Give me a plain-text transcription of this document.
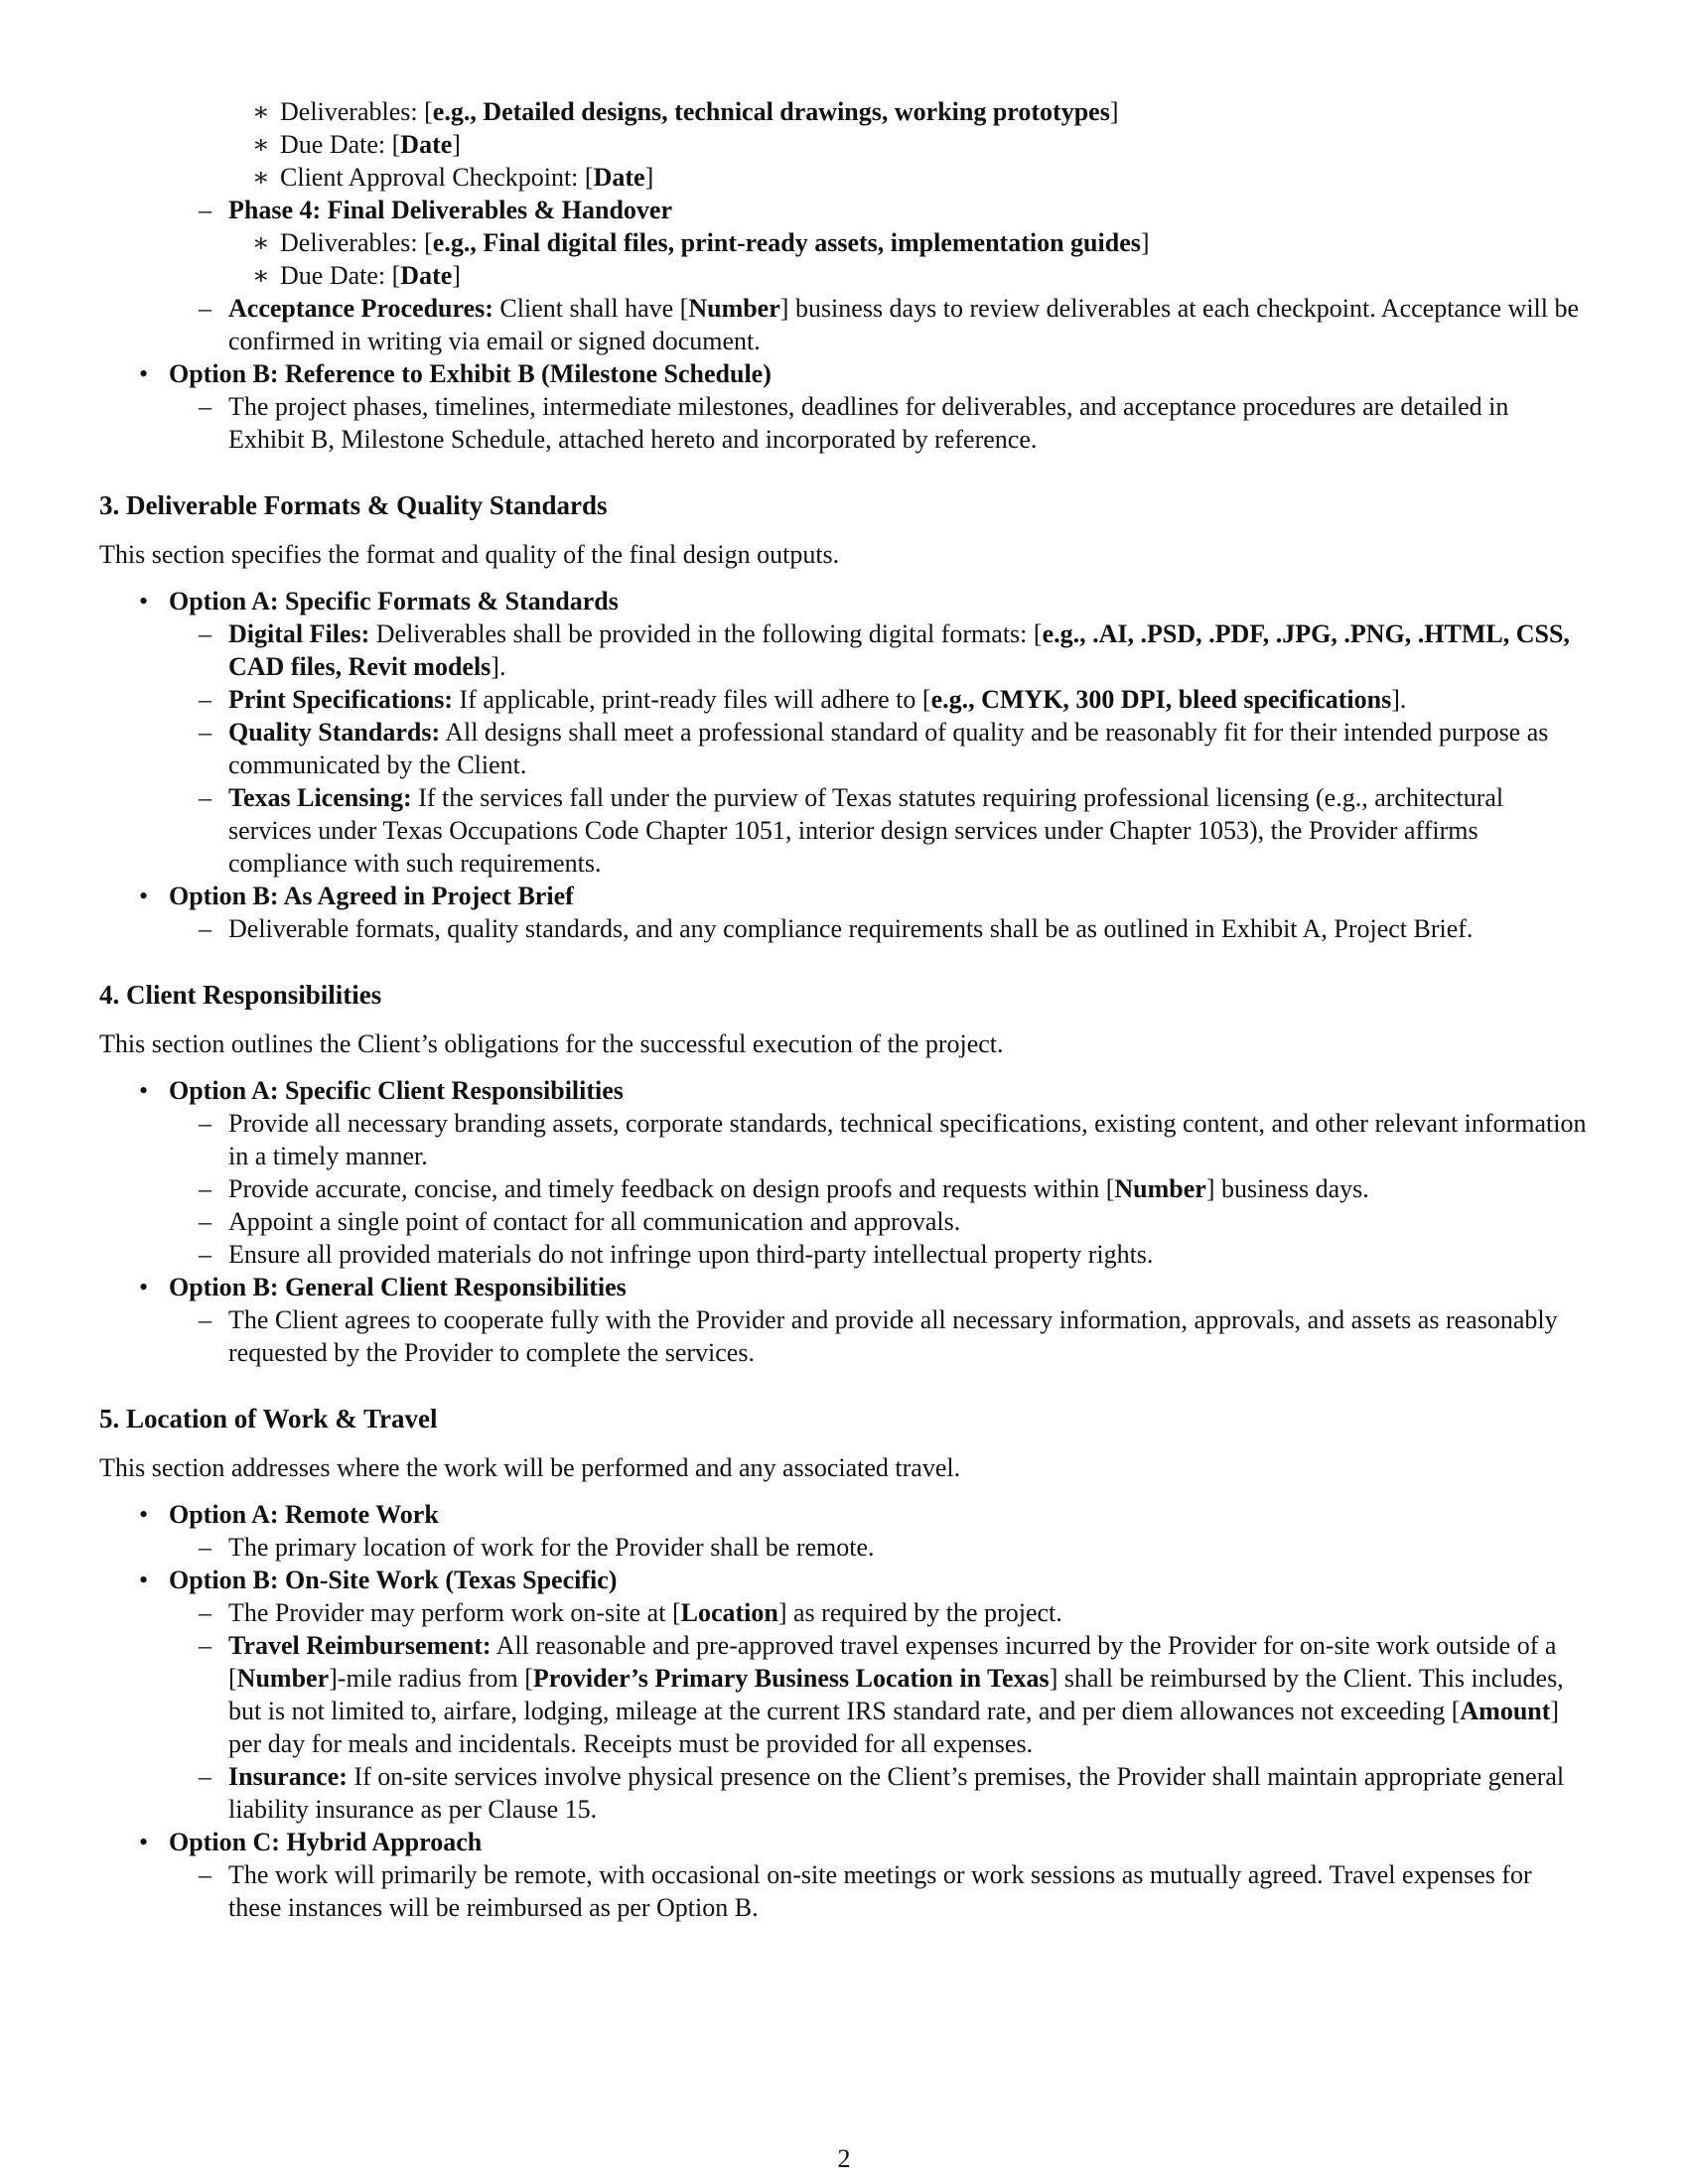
∗ Deliverables: [e.g., Detailed designs, technical drawings, working prototypes]
∗ Due Date: [Date]
∗ Client Approval Checkpoint: [Date]
– Phase 4: Final Deliverables & Handover
∗ Deliverables: [e.g., Final digital files, print-ready assets, implementation guides]
∗ Due Date: [Date]
– Acceptance Procedures: Client shall have [Number] business days to review deliverables at each checkpoint. Acceptance will be confirmed in writing via email or signed document.
• Option B: Reference to Exhibit B (Milestone Schedule)
– The project phases, timelines, intermediate milestones, deadlines for deliverables, and acceptance procedures are detailed in Exhibit B, Milestone Schedule, attached hereto and incorporated by reference.
3. Deliverable Formats & Quality Standards
This section specifies the format and quality of the final design outputs.
• Option A: Specific Formats & Standards
– Digital Files: Deliverables shall be provided in the following digital formats: [e.g., .AI, .PSD, .PDF, .JPG, .PNG, .HTML, CSS, CAD files, Revit models].
– Print Specifications: If applicable, print-ready files will adhere to [e.g., CMYK, 300 DPI, bleed specifications].
– Quality Standards: All designs shall meet a professional standard of quality and be reasonably fit for their intended purpose as communicated by the Client.
– Texas Licensing: If the services fall under the purview of Texas statutes requiring professional licensing (e.g., architectural services under Texas Occupations Code Chapter 1051, interior design services under Chapter 1053), the Provider affirms compliance with such requirements.
• Option B: As Agreed in Project Brief
– Deliverable formats, quality standards, and any compliance requirements shall be as outlined in Exhibit A, Project Brief.
4. Client Responsibilities
This section outlines the Client’s obligations for the successful execution of the project.
• Option A: Specific Client Responsibilities
– Provide all necessary branding assets, corporate standards, technical specifications, existing content, and other relevant information in a timely manner.
– Provide accurate, concise, and timely feedback on design proofs and requests within [Number] business days.
– Appoint a single point of contact for all communication and approvals.
– Ensure all provided materials do not infringe upon third-party intellectual property rights.
• Option B: General Client Responsibilities
– The Client agrees to cooperate fully with the Provider and provide all necessary information, approvals, and assets as reasonably requested by the Provider to complete the services.
5. Location of Work & Travel
This section addresses where the work will be performed and any associated travel.
• Option A: Remote Work
– The primary location of work for the Provider shall be remote.
• Option B: On-Site Work (Texas Specific)
– The Provider may perform work on-site at [Location] as required by the project.
– Travel Reimbursement: All reasonable and pre-approved travel expenses incurred by the Provider for on-site work outside of a [Number]-mile radius from [Provider’s Primary Business Location in Texas] shall be reimbursed by the Client. This includes, but is not limited to, airfare, lodging, mileage at the current IRS standard rate, and per diem allowances not exceeding [Amount] per day for meals and incidentals. Receipts must be provided for all expenses.
– Insurance: If on-site services involve physical presence on the Client’s premises, the Provider shall maintain appropriate general liability insurance as per Clause 15.
• Option C: Hybrid Approach
– The work will primarily be remote, with occasional on-site meetings or work sessions as mutually agreed. Travel expenses for these instances will be reimbursed as per Option B.
2
